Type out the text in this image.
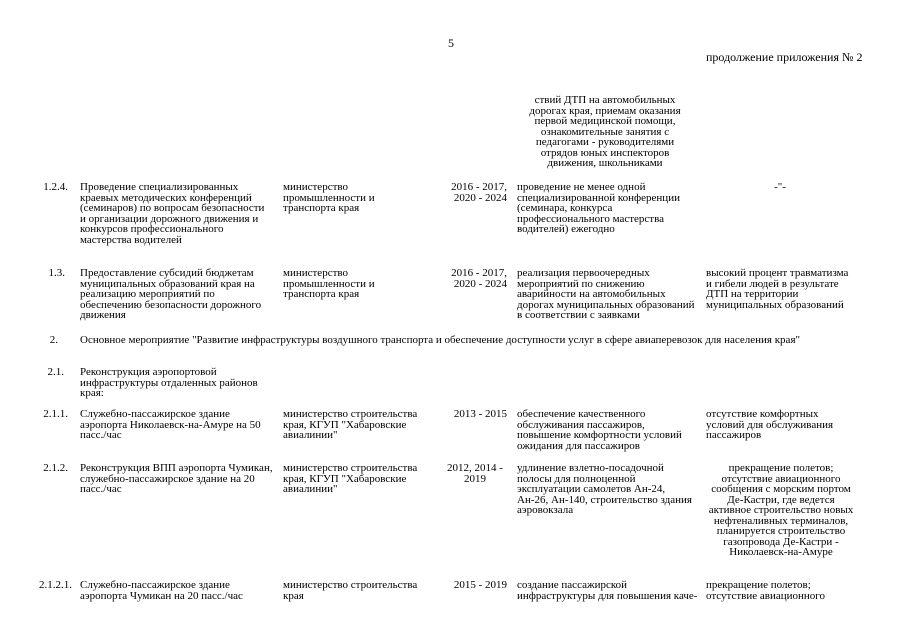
5
продолжение приложения № 2
ствий ДТП на автомобильных дорогах края, приемам оказания первой медицинской помощи, ознакомительные занятия с педагогами - руководителями отрядов юных инспекторов движения, школьниками
1.2.4. Проведение специализированных краевых методических конференций (семинаров) по вопросам безопасности и организации дорожного движения и конкурсов профессионального мастерства водителей
министерство промышленности и транспорта края
2016 - 2017, 2020 - 2024
проведение не менее одной специализированной конференции (семинара, конкурса профессионального мастерства водителей) ежегодно
-"-
1.3. Предоставление субсидий бюджетам муниципальных образований края на реализацию мероприятий по обеспечению безопасности дорожного движения
министерство промышленности и транспорта края
2016 - 2017, 2020 - 2024
реализация первоочередных мероприятий по снижению аварийности на автомобильных дорогах муниципальных образований в соответствии с заявками
высокий процент травматизма и гибели людей в результате ДТП на территории муниципальных образований
2. Основное мероприятие "Развитие инфраструктуры воздушного транспорта и обеспечение доступности услуг в сфере авиаперевозок для населения края"
2.1. Реконструкция аэропортовой инфраструктуры отдаленных районов края:
2.1.1. Служебно-пассажирское здание аэропорта Николаевск-на-Амуре на 50 пасс./час
министерство строительства края, КГУП "Хабаровские авиалинии"
2013 - 2015 обеспечение качественного обслуживания пассажиров, повышение комфортности условий ожидания для пассажиров
отсутствие комфортных условий для обслуживания пассажиров
2.1.2. Реконструкция ВПП аэропорта Чумикан, служебно-пассажирское здание на 20 пасс./час
министерство строительства края, КГУП "Хабаровские авиалинии"
2012, 2014 - 2019
удлинение взлетно-посадочной полосы для полноценной эксплуатации самолетов Ан-24, Ан-26, Ан-140, строительство здания аэровокзала
прекращение полетов; отсутствие авиационного сообщения с морским портом Де-Кастри, где ведется активное строительство новых нефтеналивных терминалов, планируется строительство газопровода Де-Кастри - Николаевск-на-Амуре
2.1.2.1. Служебно-пассажирское здание аэропорта Чумикан на 20 пасс./час
министерство строительства края
2015 - 2019 создание пассажирской инфраструктуры для повышения каче-
прекращение полетов; отсутствие авиационного
